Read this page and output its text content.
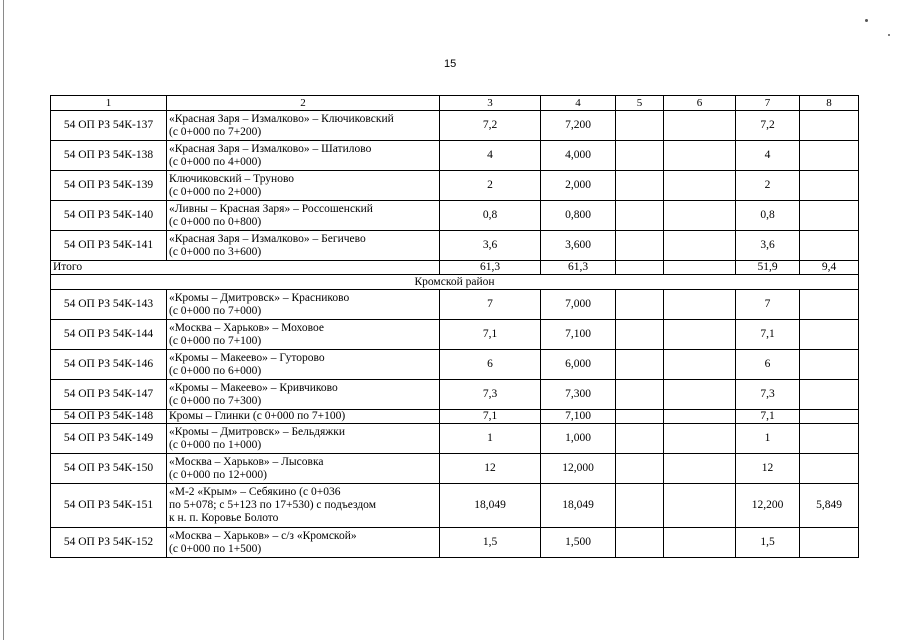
15
1	2	3	4	5	6	7	8
54 ОП РЗ 54К-137	«Красная Заря – Измалково» – Ключиковский
(с 0+000 по 7+200)	7,2	7,200			7,2	
54 ОП РЗ 54К-138	«Красная Заря – Измалково» – Шатилово
(с 0+000 по 4+000)	4	4,000			4	
54 ОП РЗ 54К-139	Ключиковский – Труново
(с 0+000 по 2+000)	2	2,000			2	
54 ОП РЗ 54К-140	«Ливны – Красная Заря» – Россошенский
(с 0+000 по 0+800)	0,8	0,800			0,8	
54 ОП РЗ 54К-141	«Красная Заря – Измалково» – Бегичево
(с 0+000 по 3+600)	3,6	3,600			3,6	
Итого		61,3	61,3			51,9	9,4
Кромской район							
54 ОП РЗ 54К-143	«Кромы – Дмитровск» – Красниково
(с 0+000 по 7+000)	7	7,000			7	
54 ОП РЗ 54К-144	«Москва – Харьков» – Моховое
(с 0+000 по 7+100)	7,1	7,100			7,1	
54 ОП РЗ 54К-146	«Кромы – Макеево» – Гуторово
(с 0+000 по 6+000)	6	6,000			6	
54 ОП РЗ 54К-147	«Кромы – Макеево» – Кривчиково
(с 0+000 по 7+300)	7,3	7,300			7,3	
54 ОП РЗ 54К-148	Кромы – Глинки (с 0+000 по 7+100)	7,1	7,100			7,1	
54 ОП РЗ 54К-149	«Кромы – Дмитровск» – Бельдяжки
(с 0+000 по 1+000)	1	1,000			1	
54 ОП РЗ 54К-150	«Москва – Харьков» – Лысовка
(с 0+000 по 12+000)	12	12,000			12	
54 ОП РЗ 54К-151	«М-2 «Крым» – Себякино (с 0+036
по 5+078; с 5+123 по 17+530) с подъездом
к н. п. Коровье Болото	18,049	18,049			12,200	5,849
54 ОП РЗ 54К-152	«Москва – Харьков» – с/з «Кромской»
(с 0+000 по 1+500)	1,5	1,500			1,5	
